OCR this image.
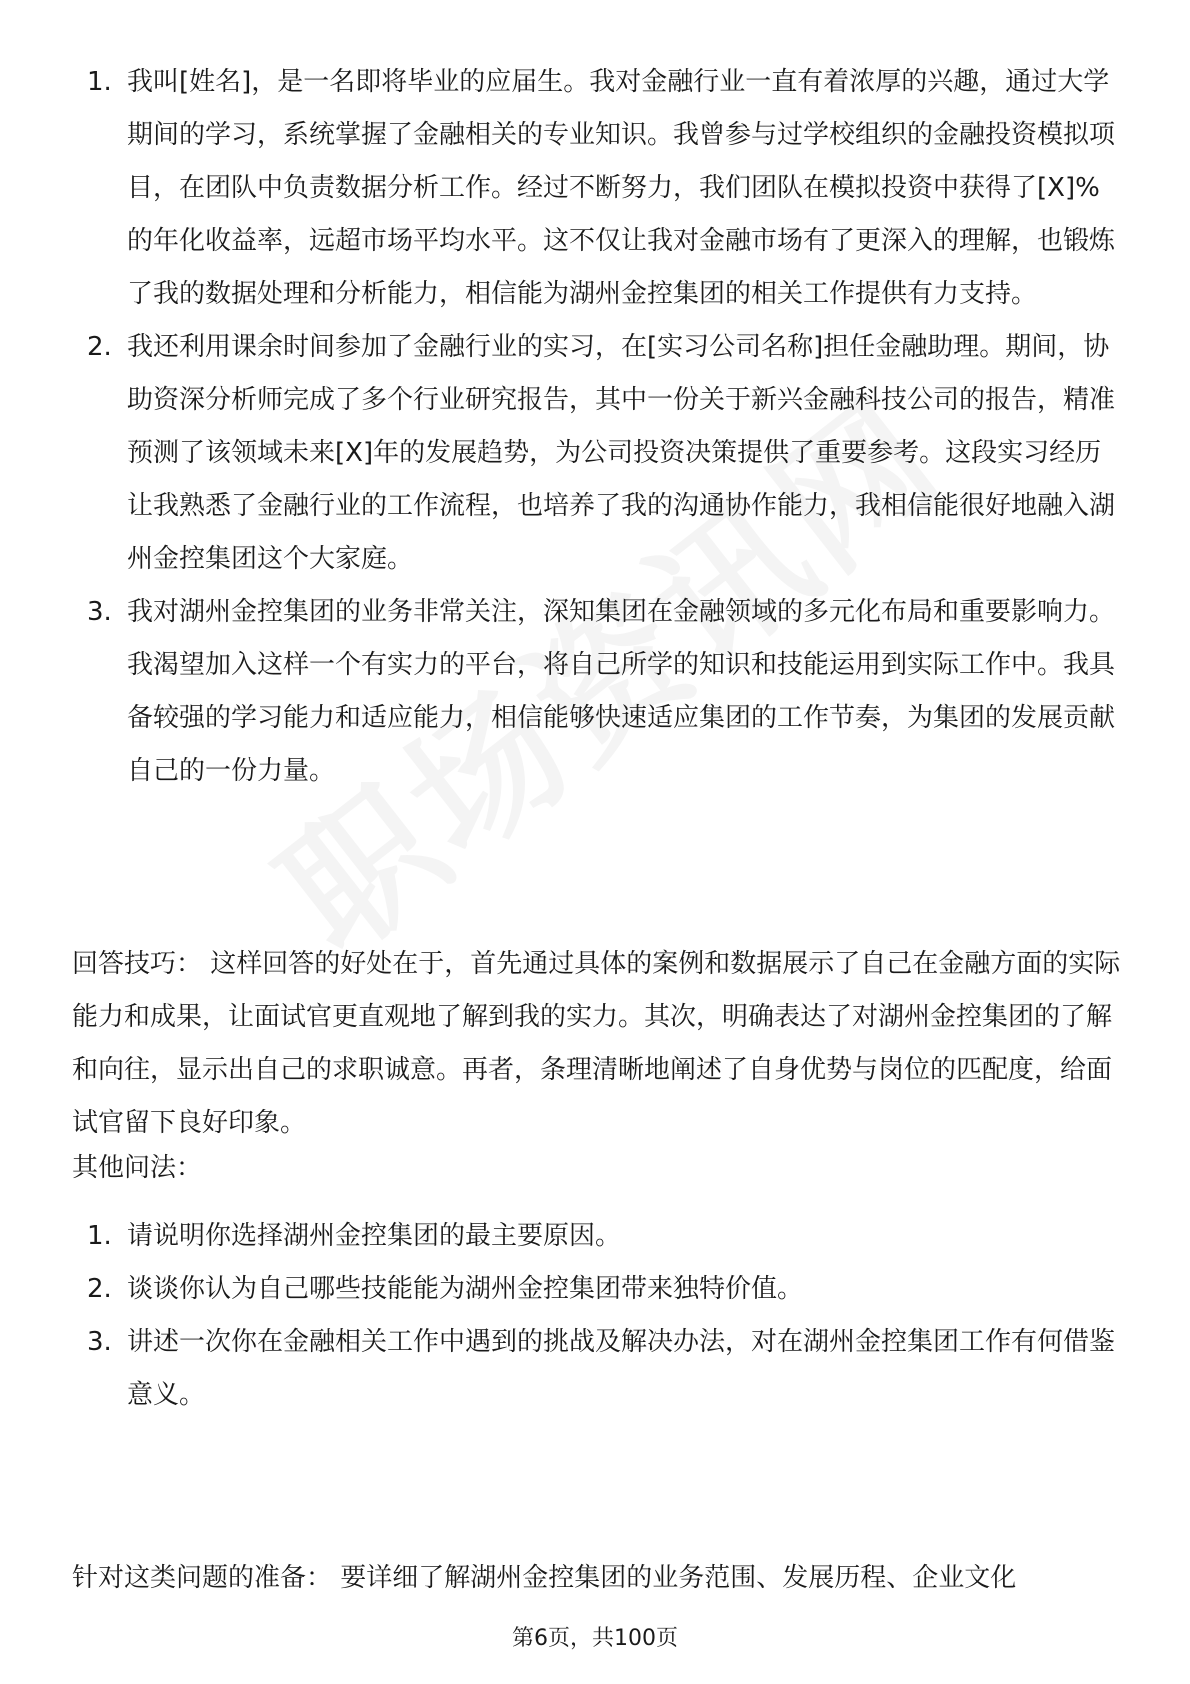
1. 我叫[姓名]，是一名即将毕业的应届生。我对金融行业一直有着浓厚的兴趣，通过大学期间的学习，系统掌握了金融相关的专业知识。我曾参与过学校组织的金融投资模拟项目，在团队中负责数据分析工作。经过不断努力，我们团队在模拟投资中获得了[X]%的年化收益率，远超市场平均水平。这不仅让我对金融市场有了更深入的理解，也锻炼了我的数据处理和分析能力，相信能为湖州金控集团的相关工作提供有力支持。
2. 我还利用课余时间参加了金融行业的实习，在[实习公司名称]担任金融助理。期间，协助资深分析师完成了多个行业研究报告，其中一份关于新兴金融科技公司的报告，精准预测了该领域未来[X]年的发展趋势，为公司投资决策提供了重要参考。这段实习经历让我熟悉了金融行业的工作流程，也培养了我的沟通协作能力，我相信能很好地融入湖州金控集团这个大家庭。
3. 我对湖州金控集团的业务非常关注，深知集团在金融领域的多元化布局和重要影响力。我渴望加入这样一个有实力的平台，将自己所学的知识和技能运用到实际工作中。我具备较强的学习能力和适应能力，相信能够快速适应集团的工作节奏，为集团的发展贡献自己的一份力量。

回答技巧： 这样回答的好处在于，首先通过具体的案例和数据展示了自己在金融方面的实际能力和成果，让面试官更直观地了解到我的实力。其次，明确表达了对湖州金控集团的了解和向往，显示出自己的求职诚意。再者，条理清晰地阐述了自身优势与岗位的匹配度，给面试官留下良好印象。

其他问法：

1. 请说明你选择湖州金控集团的最主要原因。
2. 谈谈你认为自己哪些技能能为湖州金控集团带来独特价值。
3. 讲述一次你在金融相关工作中遇到的挑战及解决办法，对在湖州金控集团工作有何借鉴意义。

针对这类问题的准备： 要详细了解湖州金控集团的业务范围、发展历程、企业文化

第6页，共100页
